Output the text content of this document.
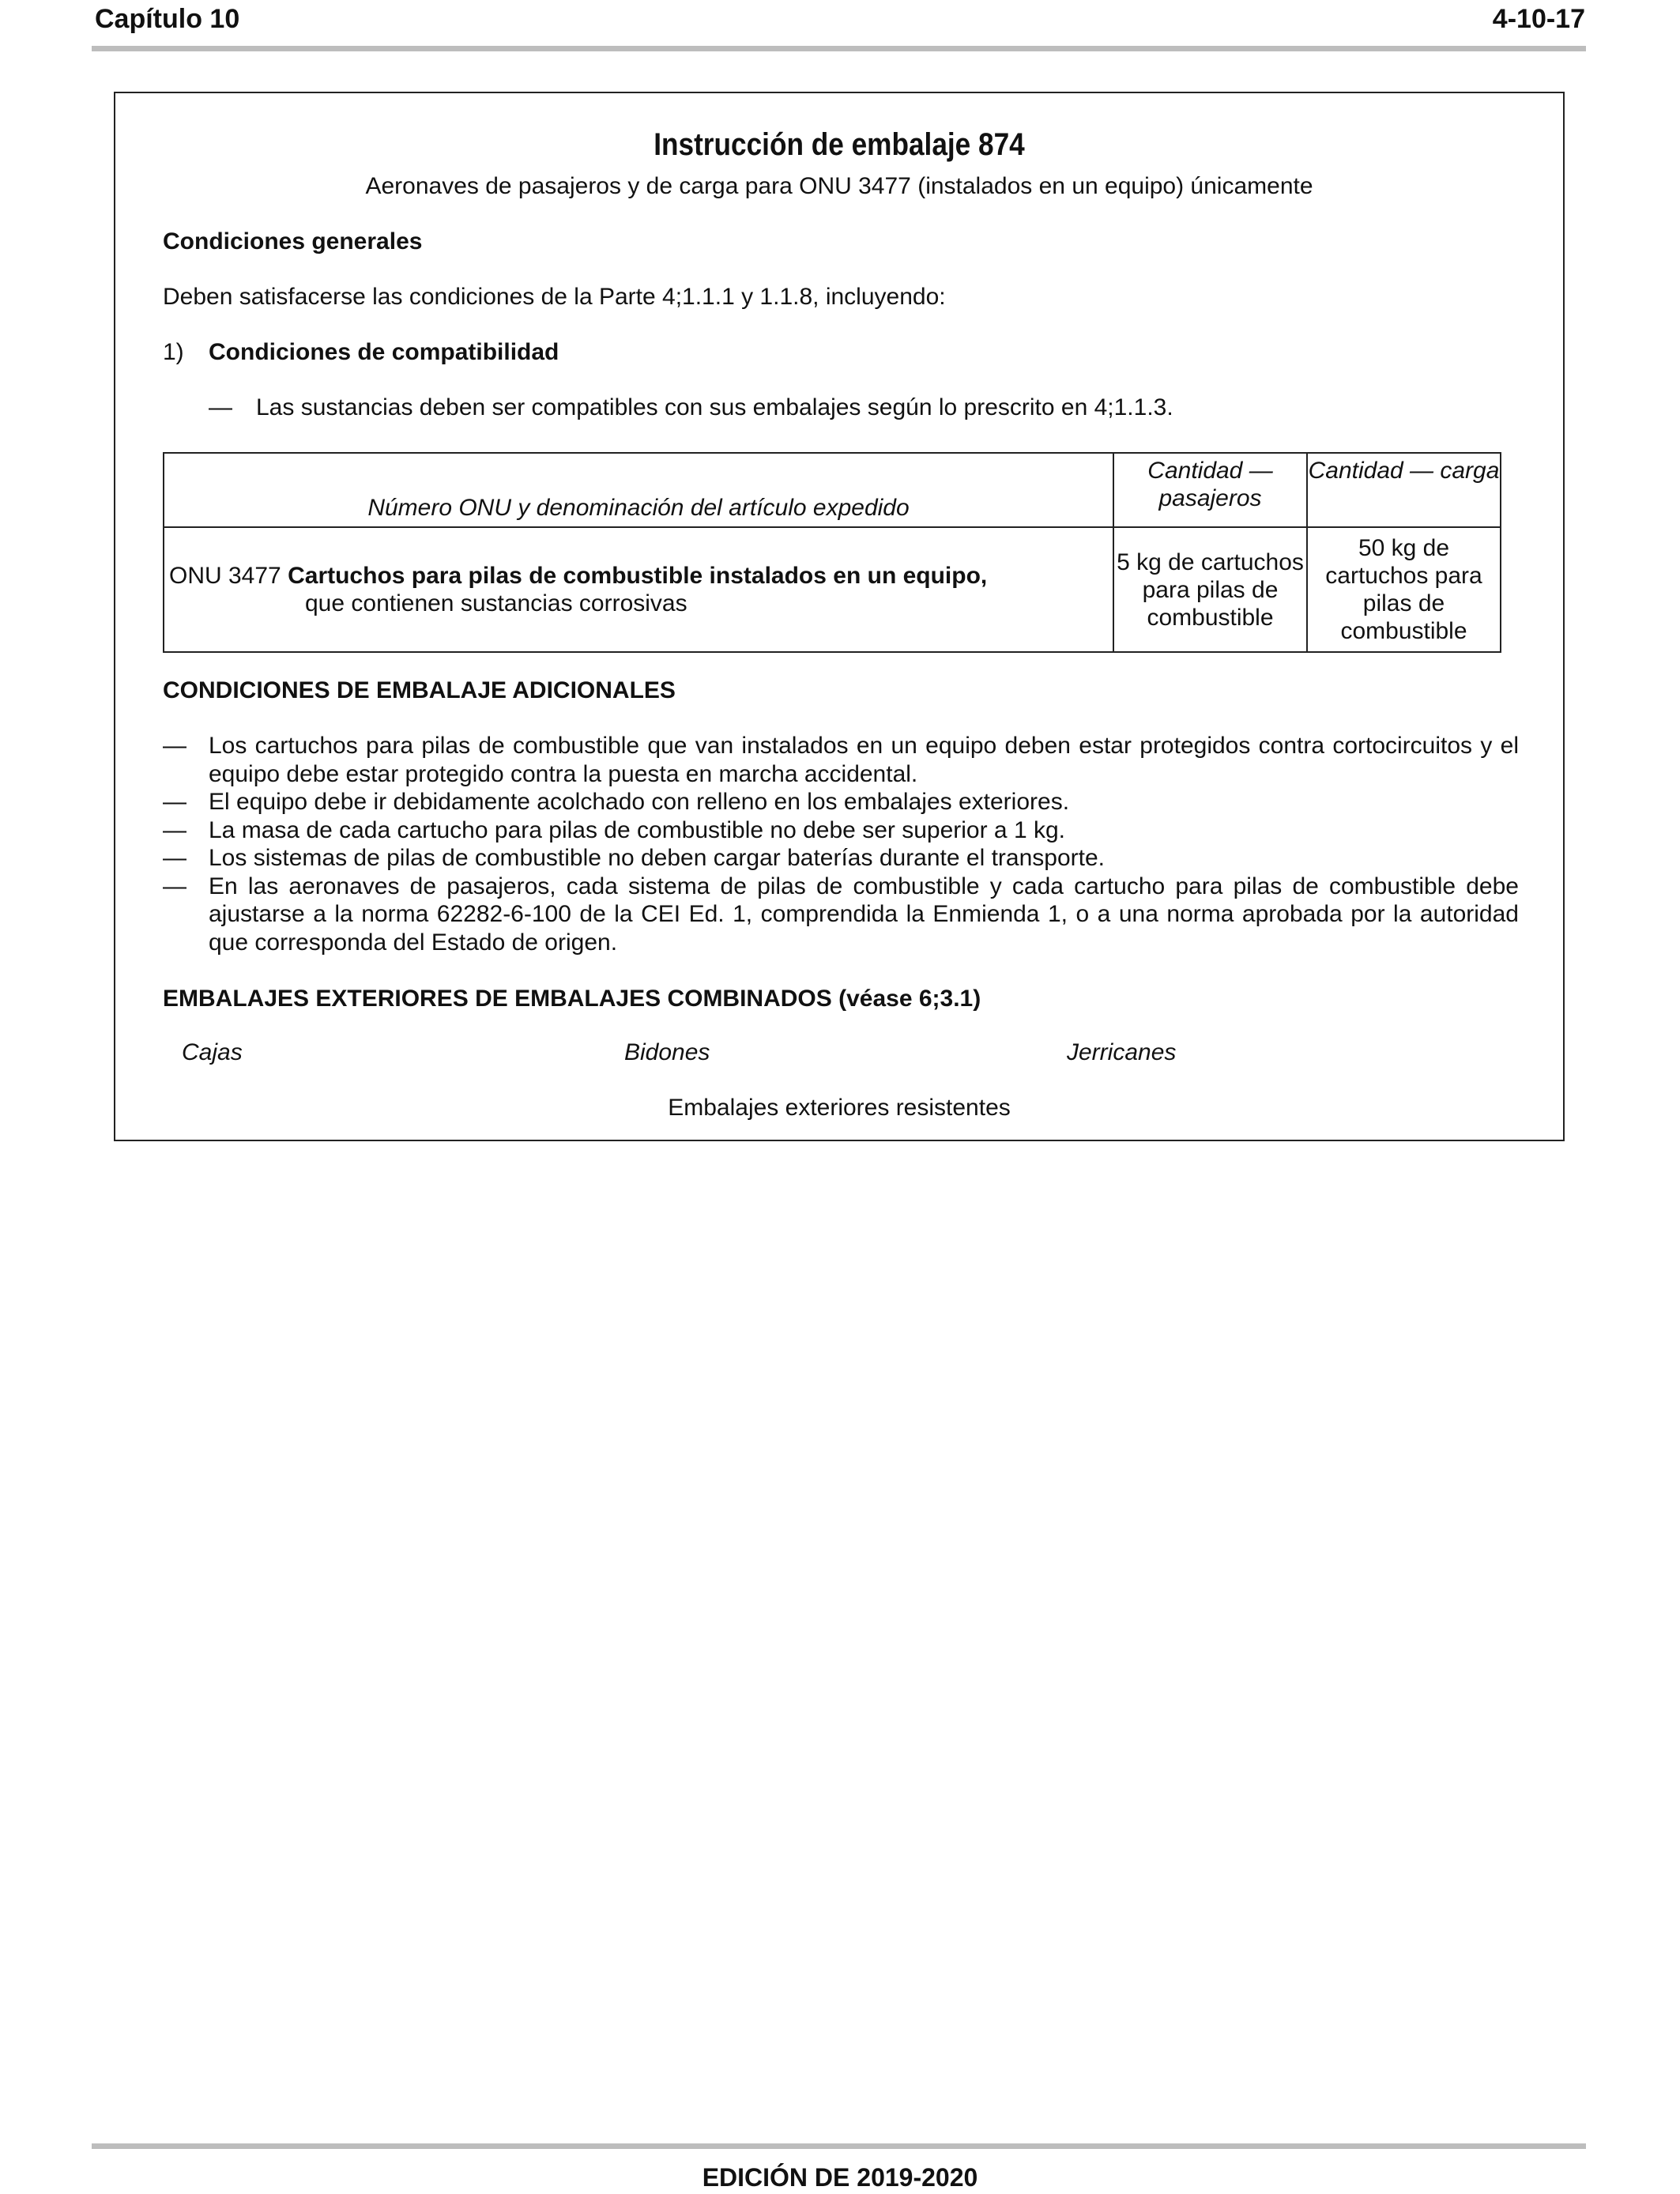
Capítulo 10	4-10-17
Instrucción de embalaje 874
Aeronaves de pasajeros y de carga para ONU 3477 (instalados en un equipo) únicamente
Condiciones generales
Deben satisfacerse las condiciones de la Parte 4;1.1.1 y 1.1.8, incluyendo:
1) Condiciones de compatibilidad
— Las sustancias deben ser compatibles con sus embalajes según lo prescrito en 4;1.1.3.
Número ONU y denominación del artículo expedido	Cantidad — pasajeros	Cantidad — carga
ONU 3477 Cartuchos para pilas de combustible instalados en un equipo,
que contienen sustancias corrosivas	5 kg de cartuchos para pilas de combustible	50 kg de cartuchos para pilas de combustible
CONDICIONES DE EMBALAJE ADICIONALES
— Los cartuchos para pilas de combustible que van instalados en un equipo deben estar protegidos contra cortocircuitos y el equipo debe estar protegido contra la puesta en marcha accidental.
— El equipo debe ir debidamente acolchado con relleno en los embalajes exteriores.
— La masa de cada cartucho para pilas de combustible no debe ser superior a 1 kg.
— Los sistemas de pilas de combustible no deben cargar baterías durante el transporte.
— En las aeronaves de pasajeros, cada sistema de pilas de combustible y cada cartucho para pilas de combustible debe ajustarse a la norma 62282-6-100 de la CEI Ed. 1, comprendida la Enmienda 1, o a una norma aprobada por la autoridad que corresponda del Estado de origen.
EMBALAJES EXTERIORES DE EMBALAJES COMBINADOS (véase 6;3.1)
Cajas	Bidones	Jerricanes
Embalajes exteriores resistentes
EDICIÓN DE 2019-2020
